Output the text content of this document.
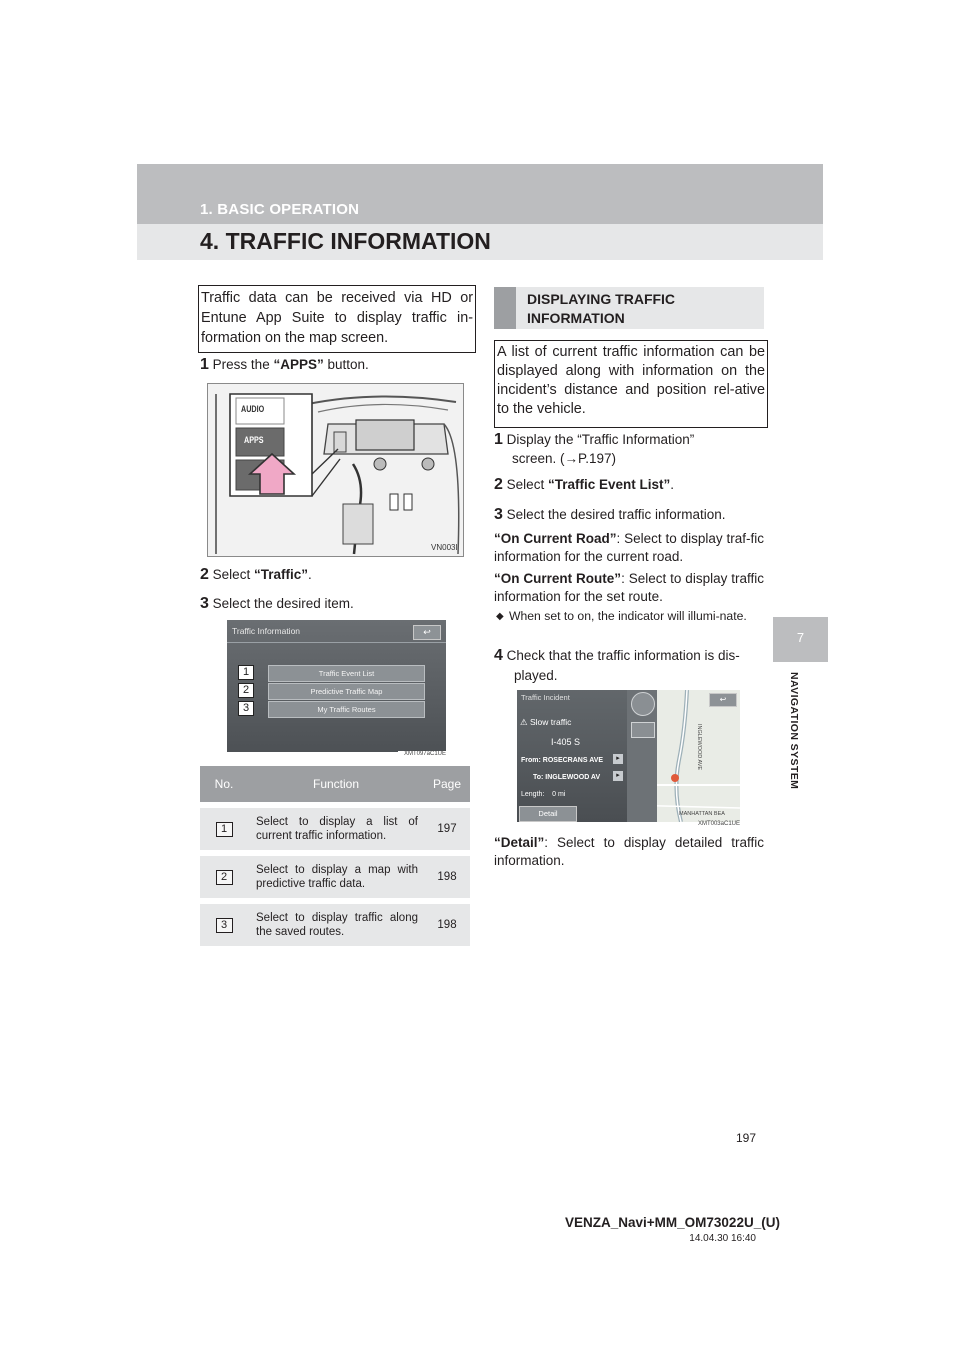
1. BASIC OPERATION
4. TRAFFIC INFORMATION
7
NAVIGATION SYSTEM
Traffic data can be received via HD or Entune App Suite to display traffic in-formation on the map screen.
1 Press the “APPS” button.
AUDIO
APPS
VN003I
2 Select “Traffic”.
3 Select the desired item.
Traffic Information	↩
Traffic Event List
Predictive Traffic Map
My Traffic Routes
1
2
3
XMT097aC1UE
No.	Function	Page
1	Select to display a list of current traffic information.	197
2	Select to display a map with predictive traffic data.	198
3	Select to display traffic along the saved routes.	198
DISPLAYING TRAFFIC
INFORMATION
A list of current traffic information can be displayed along with information on the incident’s distance and position rel-ative to the vehicle.
1 Display the “Traffic Information”
screen. (→P.197)
2 Select “Traffic Event List”.
3 Select the desired traffic information.
“On Current Road”: Select to display traf-fic information for the current road.
“On Current Route”: Select to display traffic information for the set route.
◆ When set to on, the indicator will illumi-nate.
4 Check that the traffic information is dis-
played.
Traffic Incident
⚠ Slow traffic
I-405 S
From: ROSECRANS AVE
To: INGLEWOOD AV
Length: 0 mi
Detail
▸
▸
↩
INGLEWOOD AVE
MANHATTAN BEA
XMT003aC1UE
“Detail”: Select to display detailed traffic information.
197
VENZA_Navi+MM_OM73022U_(U)
14.04.30 16:40
